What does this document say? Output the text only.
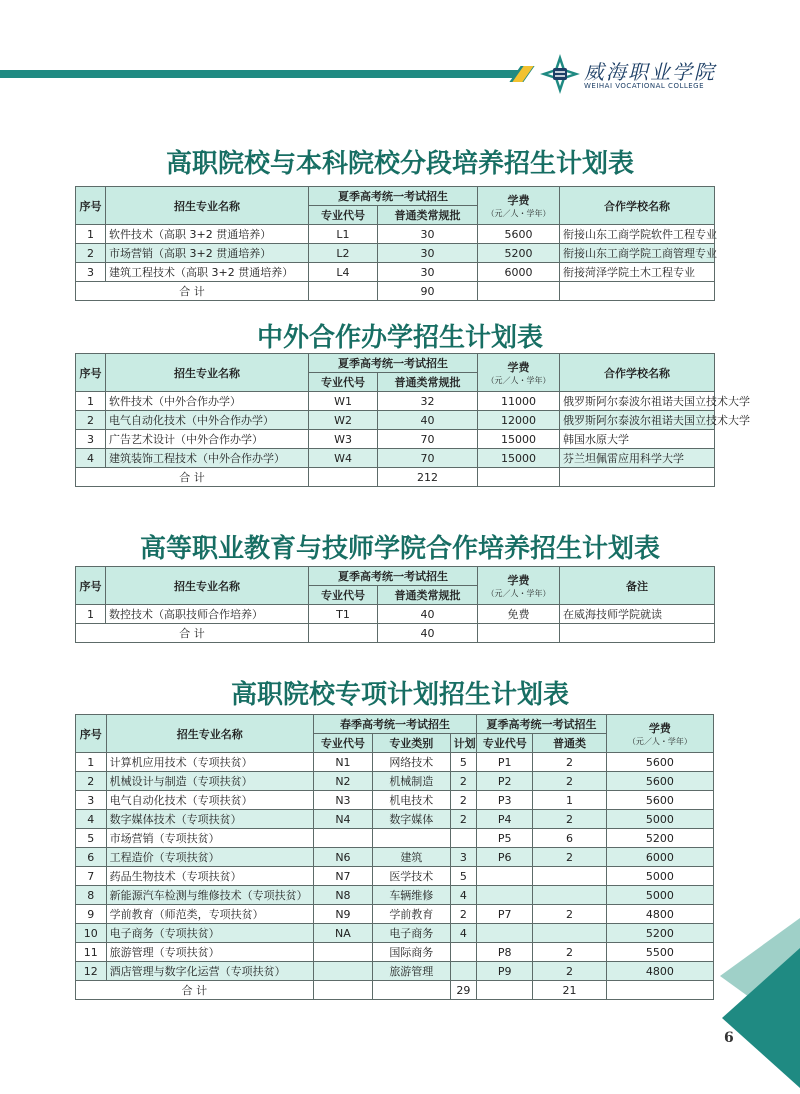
威海职业学院
WEIHAI VOCATIONAL COLLEGE
高职院校与本科院校分段培养招生计划表
序号	招生专业名称	夏季高考统一考试招生		学费
（元／人・学年）	合作学校名称
		专业代号	普通类常规批		
1	软件技术（高职 3+2 贯通培养）	L1	30	5600	衔接山东工商学院软件工程专业
2	市场营销（高职 3+2 贯通培养）	L2	30	5200	衔接山东工商学院工商管理专业
3	建筑工程技术（高职 3+2 贯通培养）	L4	30	6000	衔接菏泽学院土木工程专业
合 计			90		
中外合作办学招生计划表
序号	招生专业名称	夏季高考统一考试招生		学费
（元／人・学年）	合作学校名称
		专业代号	普通类常规批		
1	软件技术（中外合作办学）	W1	32	11000	俄罗斯阿尔泰波尔祖诺夫国立技术大学
2	电气自动化技术（中外合作办学）	W2	40	12000	俄罗斯阿尔泰波尔祖诺夫国立技术大学
3	广告艺术设计（中外合作办学）	W3	70	15000	韩国水原大学
4	建筑装饰工程技术（中外合作办学）	W4	70	15000	芬兰坦佩雷应用科学大学
合 计			212		
高等职业教育与技师学院合作培养招生计划表
序号	招生专业名称	夏季高考统一考试招生		学费
（元／人・学年）	备注
		专业代号	普通类常规批		
1	数控技术（高职技师合作培养）	T1	40	免费	在威海技师学院就读
合 计			40		
高职院校专项计划招生计划表
序号	招生专业名称	春季高考统一考试招生			夏季高考统一考试招生		学费
（元／人・学年）

		专业代号	专业类别	计划	专业代号	普通类	
1	计算机应用技术（专项扶贫）	N1	网络技术	5	P1	2	5600
2	机械设计与制造（专项扶贫）	N2	机械制造	2	P2	2	5600
3	电气自动化技术（专项扶贫）	N3	机电技术	2	P3	1	5600
4	数字媒体技术（专项扶贫）	N4	数字媒体	2	P4	2	5000
5	市场营销（专项扶贫）				P5	6	5200
6	工程造价（专项扶贫）	N6	建筑	3	P6	2	6000
7	药品生物技术（专项扶贫）	N7	医学技术	5			5000
8	新能源汽车检测与维修技术（专项扶贫）	N8	车辆维修	4			5000
9	学前教育（师范类，专项扶贫）	N9	学前教育	2	P7	2	4800
10	电子商务（专项扶贫）	NA	电子商务	4			5200
11	旅游管理（专项扶贫）		国际商务		P8	2	5500
12	酒店管理与数字化运营（专项扶贫）		旅游管理		P9	2	4800
合 计				29		21	
6
